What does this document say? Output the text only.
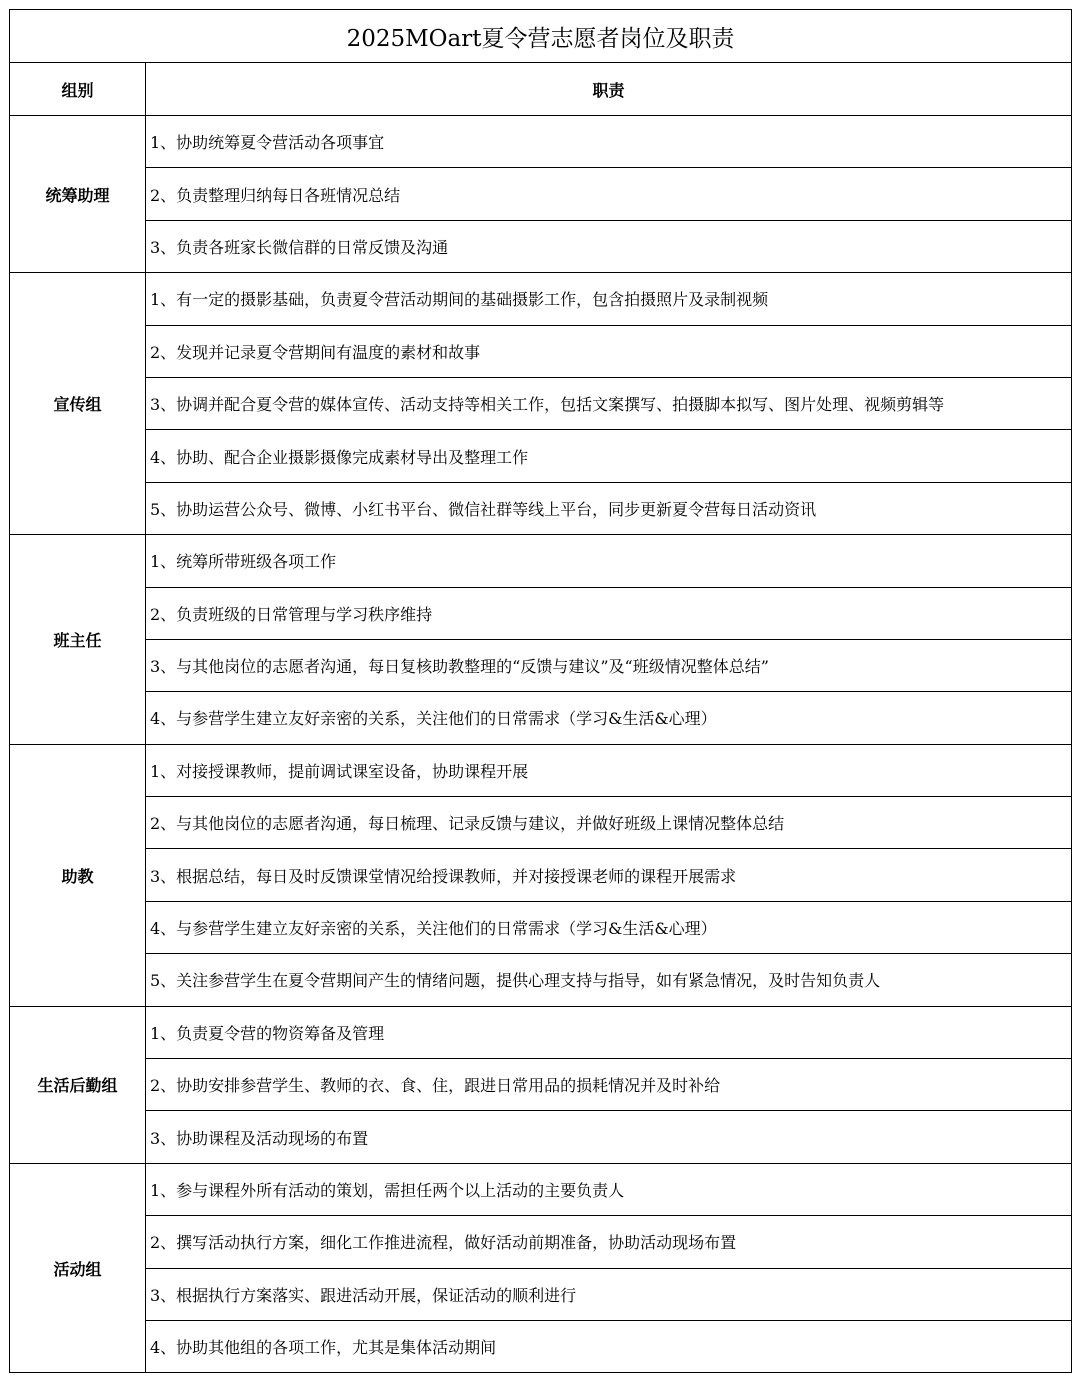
2025MOart夏令营志愿者岗位及职责	
组别	职责
统筹助理	1、协助统筹夏令营活动各项事宜
	2、负责整理归纳每日各班情况总结
	3、负责各班家长微信群的日常反馈及沟通
宣传组	1、有一定的摄影基础，负责夏令营活动期间的基础摄影工作，包含拍摄照片及录制视频
	2、发现并记录夏令营期间有温度的素材和故事
	3、协调并配合夏令营的媒体宣传、活动支持等相关工作，包括文案撰写、拍摄脚本拟写、图片处理、视频剪辑等
	4、协助、配合企业摄影摄像完成素材导出及整理工作
	5、协助运营公众号、微博、小红书平台、微信社群等线上平台，同步更新夏令营每日活动资讯
班主任	1、统筹所带班级各项工作
	2、负责班级的日常管理与学习秩序维持
	3、与其他岗位的志愿者沟通，每日复核助教整理的“反馈与建议”及“班级情况整体总结”
	4、与参营学生建立友好亲密的关系，关注他们的日常需求（学习&生活&心理）
助教	1、对接授课教师，提前调试课室设备，协助课程开展
	2、与其他岗位的志愿者沟通，每日梳理、记录反馈与建议，并做好班级上课情况整体总结
	3、根据总结，每日及时反馈课堂情况给授课教师，并对接授课老师的课程开展需求
	4、与参营学生建立友好亲密的关系，关注他们的日常需求（学习&生活&心理）
	5、关注参营学生在夏令营期间产生的情绪问题，提供心理支持与指导，如有紧急情况，及时告知负责人
生活后勤组	1、负责夏令营的物资筹备及管理
	2、协助安排参营学生、教师的衣、食、住，跟进日常用品的损耗情况并及时补给
	3、协助课程及活动现场的布置
活动组	1、参与课程外所有活动的策划，需担任两个以上活动的主要负责人
	2、撰写活动执行方案，细化工作推进流程，做好活动前期准备，协助活动现场布置
	3、根据执行方案落实、跟进活动开展，保证活动的顺利进行
	4、协助其他组的各项工作，尤其是集体活动期间
